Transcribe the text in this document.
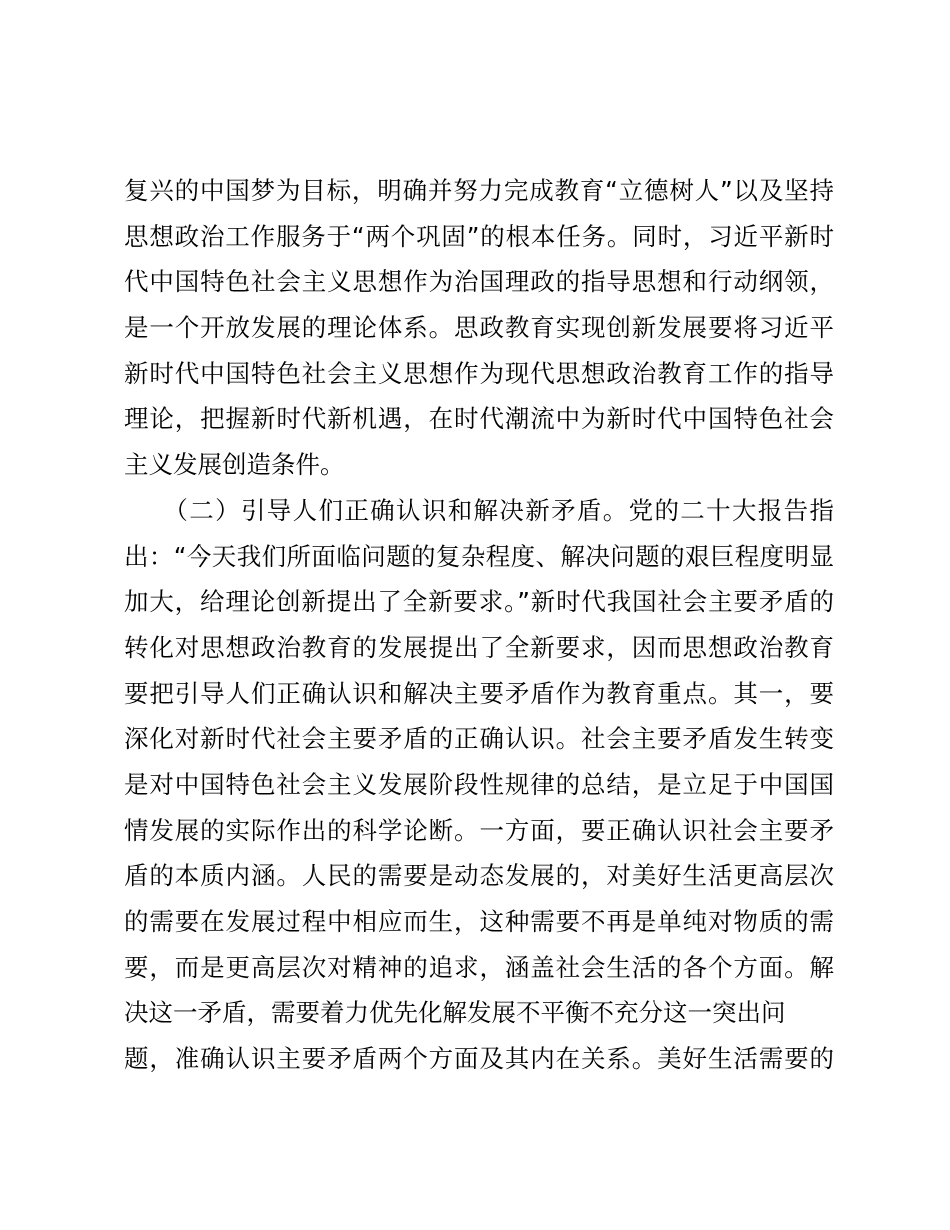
复兴的中国梦为目标，明确并努力完成教育“立德树人”以及坚持
思想政治工作服务于“两个巩固”的根本任务。同时，习近平新时
代中国特色社会主义思想作为治国理政的指导思想和行动纲领，
是一个开放发展的理论体系。思政教育实现创新发展要将习近平
新时代中国特色社会主义思想作为现代思想政治教育工作的指导
理论，把握新时代新机遇，在时代潮流中为新时代中国特色社会
主义发展创造条件。
　　（二）引导人们正确认识和解决新矛盾。党的二十大报告指
出：“今天我们所面临问题的复杂程度、解决问题的艰巨程度明显
加大，给理论创新提出了全新要求。”新时代我国社会主要矛盾的
转化对思想政治教育的发展提出了全新要求，因而思想政治教育
要把引导人们正确认识和解决主要矛盾作为教育重点。其一，要
深化对新时代社会主要矛盾的正确认识。社会主要矛盾发生转变
是对中国特色社会主义发展阶段性规律的总结，是立足于中国国
情发展的实际作出的科学论断。一方面，要正确认识社会主要矛
盾的本质内涵。人民的需要是动态发展的，对美好生活更高层次
的需要在发展过程中相应而生，这种需要不再是单纯对物质的需
要，而是更高层次对精神的追求，涵盖社会生活的各个方面。解
决这一矛盾，需要着力优先化解发展不平衡不充分这一突出问
题，准确认识主要矛盾两个方面及其内在关系。美好生活需要的
